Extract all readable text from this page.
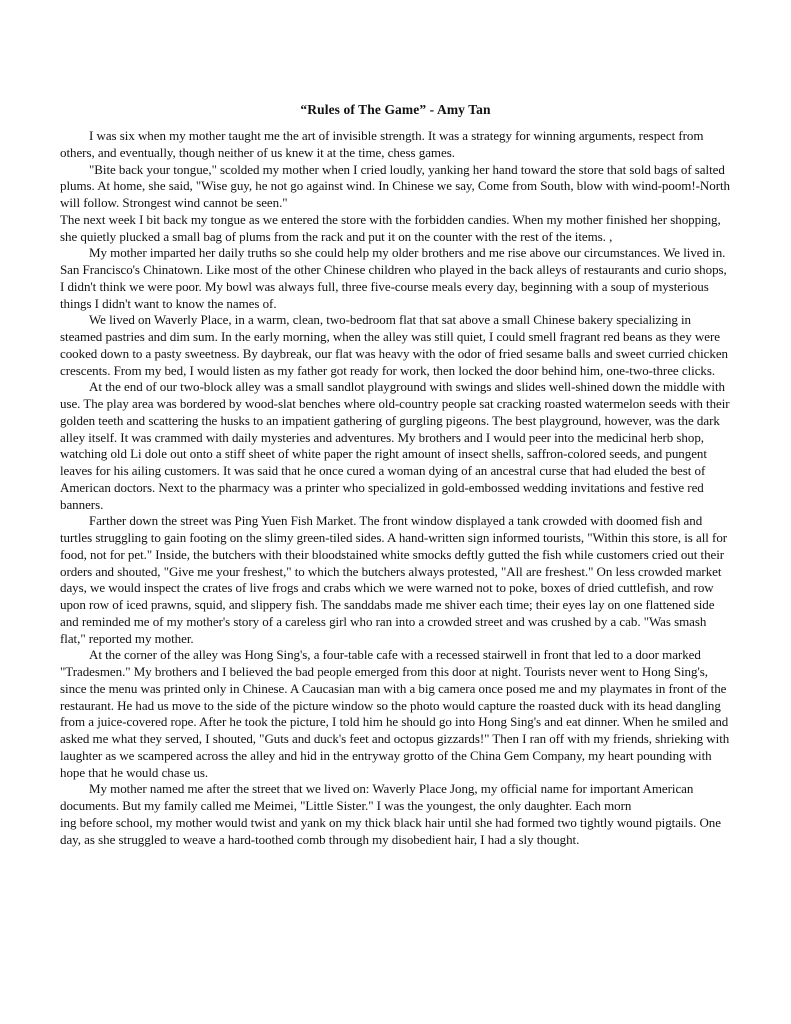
“Rules of The Game” - Amy Tan

I was six when my mother taught me the art of invisible strength. It was a strategy for winning arguments, respect from others, and eventually, though neither of us knew it at the time, chess games.

"Bite back your tongue," scolded my mother when I cried loudly, yanking her hand toward the store that sold bags of salted plums. At home, she said, "Wise guy, he not go against wind. In Chinese we say, Come from South, blow with wind-poom!-North will follow. Strongest wind cannot be seen."

The next week I bit back my tongue as we entered the store with the forbidden candies. When my mother finished her shopping, she quietly plucked a small bag of plums from the rack and put it on the counter with the rest of the items. ,

My mother imparted her daily truths so she could help my older brothers and me rise above our circumstances. We lived in. San Francisco's Chinatown. Like most of the other Chinese children who played in the back alleys of restaurants and curio shops, I didn't think we were poor. My bowl was always full, three five-course meals every day, beginning with a soup of mysterious things I didn't want to know the names of.

We lived on Waverly Place, in a warm, clean, two-bedroom flat that sat above a small Chinese bakery specializing in steamed pastries and dim sum. In the early morning, when the alley was still quiet, I could smell fragrant red beans as they were cooked down to a pasty sweetness. By daybreak, our flat was heavy with the odor of fried sesame balls and sweet curried chicken crescents. From my bed, I would listen as my father got ready for work, then locked the door behind him, one-two-three clicks.

At the end of our two-block alley was a small sandlot playground with swings and slides well-shined down the middle with use. The play area was bordered by wood-slat benches where old-country people sat cracking roasted watermelon seeds with their golden teeth and scattering the husks to an impatient gathering of gurgling pigeons. The best playground, however, was the dark alley itself. It was crammed with daily mysteries and adventures. My brothers and I would peer into the medicinal herb shop, watching old Li dole out onto a stiff sheet of white paper the right amount of insect shells, saffron-colored seeds, and pungent leaves for his ailing customers. It was said that he once cured a woman dying of an ancestral curse that had eluded the best of American doctors. Next to the pharmacy was a printer who specialized in gold-embossed wedding invitations and festive red banners.

Farther down the street was Ping Yuen Fish Market. The front window displayed a tank crowded with doomed fish and turtles struggling to gain footing on the slimy green-tiled sides. A hand-written sign informed tourists, "Within this store, is all for food, not for pet." Inside, the butchers with their bloodstained white smocks deftly gutted the fish while customers cried out their orders and shouted, "Give me your freshest," to which the butchers always protested, "All are freshest." On less crowded market days, we would inspect the crates of live frogs and crabs which we were warned not to poke, boxes of dried cuttlefish, and row upon row of iced prawns, squid, and slippery fish. The sanddabs made me shiver each time; their eyes lay on one flattened side and reminded me of my mother's story of a careless girl who ran into a crowded street and was crushed by a cab. "Was smash flat," reported my mother.

At the corner of the alley was Hong Sing's, a four-table cafe with a recessed stairwell in front that led to a door marked "Tradesmen." My brothers and I believed the bad people emerged from this door at night. Tourists never went to Hong Sing's, since the menu was printed only in Chinese. A Caucasian man with a big camera once posed me and my playmates in front of the restaurant. He had us move to the side of the picture window so the photo would capture the roasted duck with its head dangling from a juice-covered rope. After he took the picture, I told him he should go into Hong Sing's and eat dinner. When he smiled and asked me what they served, I shouted, "Guts and duck's feet and octopus gizzards!" Then I ran off with my friends, shrieking with laughter as we scampered across the alley and hid in the entryway grotto of the China Gem Company, my heart pounding with hope that he would chase us.

My mother named me after the street that we lived on: Waverly Place Jong, my official name for important American documents. But my family called me Meimei, "Little Sister." I was the youngest, the only daughter. Each morn

ing before school, my mother would twist and yank on my thick black hair until she had formed two tightly wound pigtails. One day, as she struggled to weave a hard-toothed comb through my disobedient hair, I had a sly thought.
